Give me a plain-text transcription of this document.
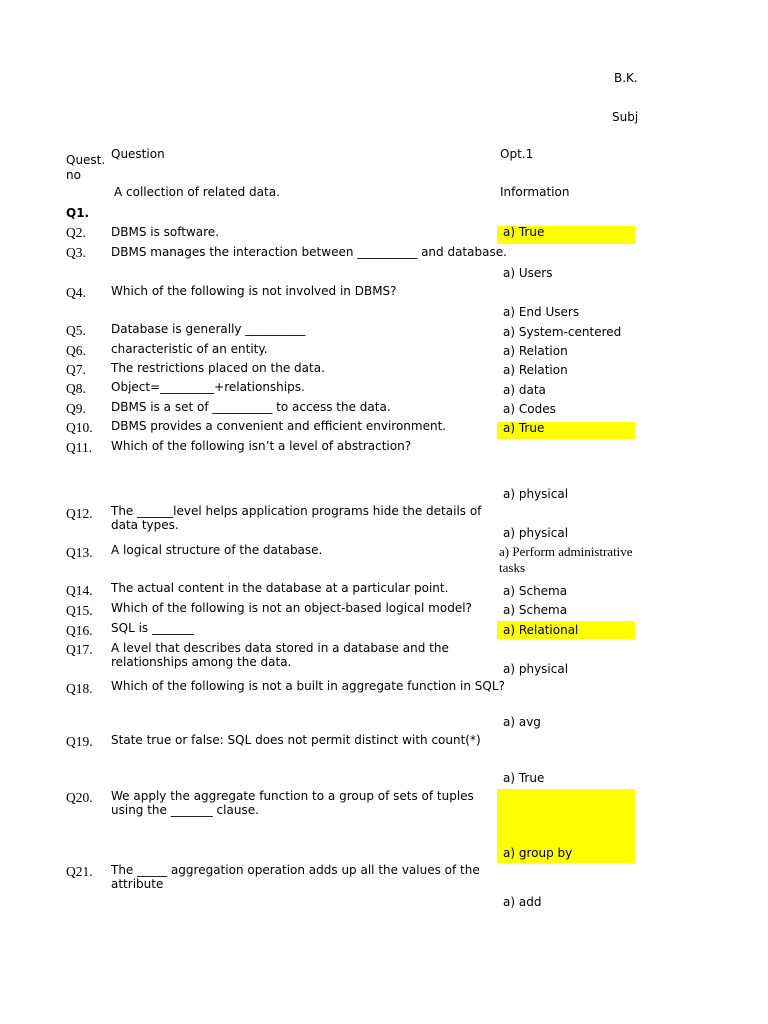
B.K.
Subj
Quest.
no
Question	Opt.1
Q1.
A collection of related data.	Information
Q2. DBMS is software.	a) True
Q3. DBMS manages the interaction between __________ and database.
a) Users
Q4. Which of the following is not involved in DBMS?
a) End Users
Q5. Database is generally __________	a) System-centered
Q6. characteristic of an entity.	a) Relation
Q7. The restrictions placed on the data.	a) Relation
Q8. Object=_________+relationships.	a) data
Q9. DBMS is a set of __________ to access the data.	a) Codes
Q10. DBMS provides a convenient and efficient environment.	a) True
Q11. Which of the following isn’t a level of abstraction?
a) physical
Q12. The ______level helps application programs hide the details of data types.
a) physical
Q13. A logical structure of the database.	a) Perform administrative tasks
Q14. The actual content in the database at a particular point.	a) Schema
Q15. Which of the following is not an object-based logical model?	a) Schema
Q16. SQL is _______	a) Relational
Q17. A level that describes data stored in a database and the relationships among the data.	a) physical
Q18. Which of the following is not a built in aggregate function in SQL?
a) avg
Q19. State true or false: SQL does not permit distinct with count(*)
a) True
Q20. We apply the aggregate function to a group of sets of tuples using the _______ clause.
a) group by
Q21. The _____ aggregation operation adds up all the values of the attribute
a) add
